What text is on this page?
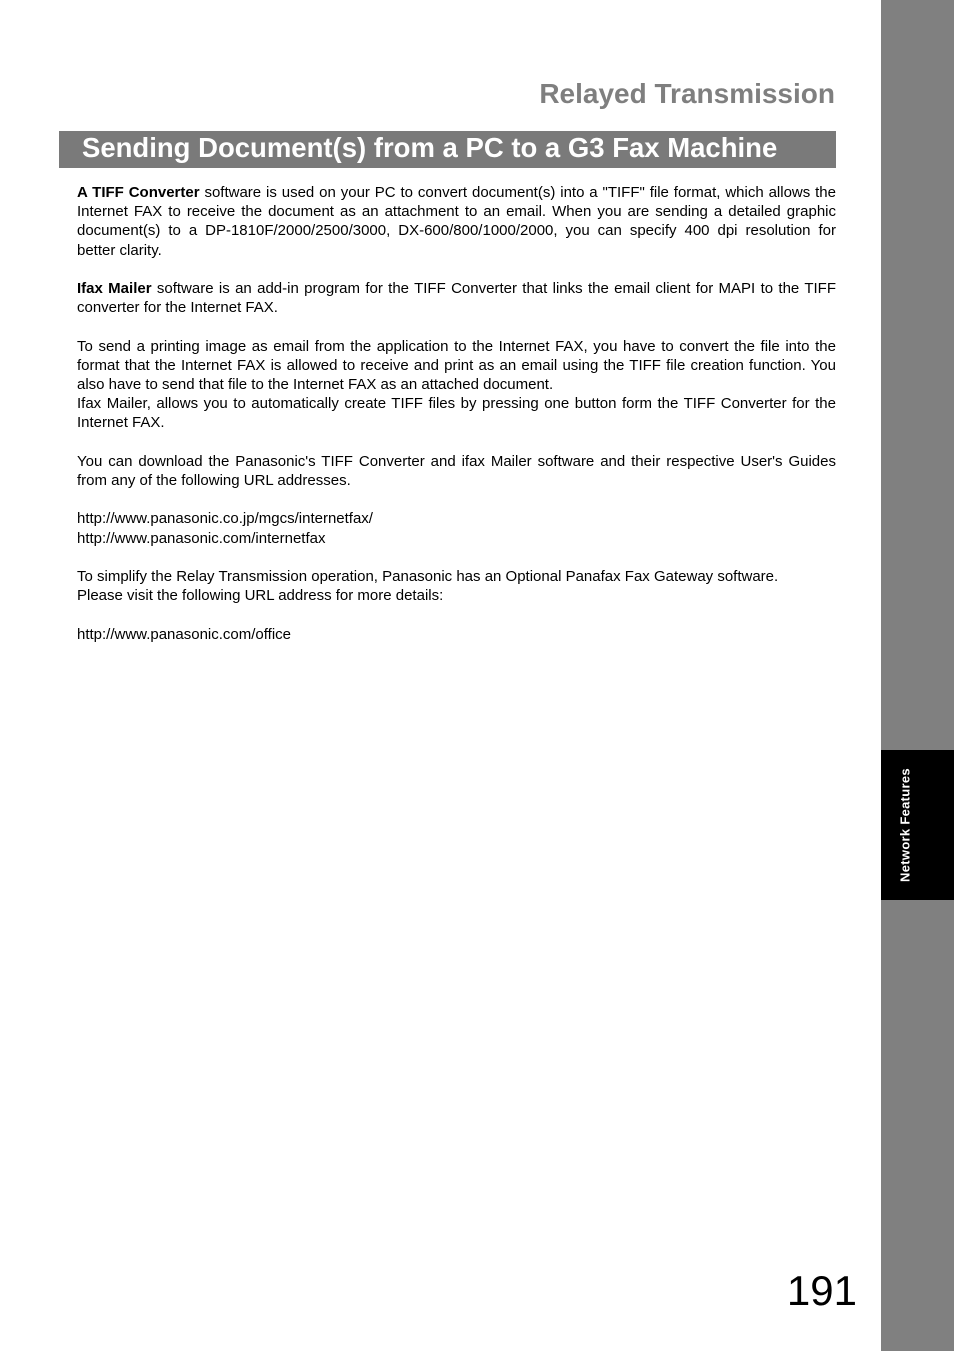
Network Features
Relayed Transmission
Sending Document(s) from a PC to a G3 Fax Machine

A TIFF Converter software is used on your PC to convert document(s) into a "TIFF" file format, which allows the Internet FAX to receive the document as an attachment to an email. When you are sending a detailed graphic document(s) to a DP-1810F/2000/2500/3000, DX-600/800/1000/2000, you can specify 400 dpi resolution for better clarity.

Ifax Mailer software is an add-in program for the TIFF Converter that links the email client for MAPI to the TIFF converter for the Internet FAX.

To send a printing image as email from the application to the Internet FAX, you have to convert the file into the format that the Internet FAX is allowed to receive and print as an email using the TIFF file creation function. You also have to send that file to the Internet FAX as an attached document.

Ifax Mailer, allows you to automatically create TIFF files by pressing one button form the TIFF Converter for the Internet FAX.

You can download the Panasonic's TIFF Converter and ifax Mailer software and their respective User's Guides from any of the following URL addresses.

http://www.panasonic.co.jp/mgcs/internetfax/

http://www.panasonic.com/internetfax

To simplify the Relay Transmission operation, Panasonic has an Optional Panafax Fax Gateway software.

Please visit the following URL address for more details:

http://www.panasonic.com/office

191
